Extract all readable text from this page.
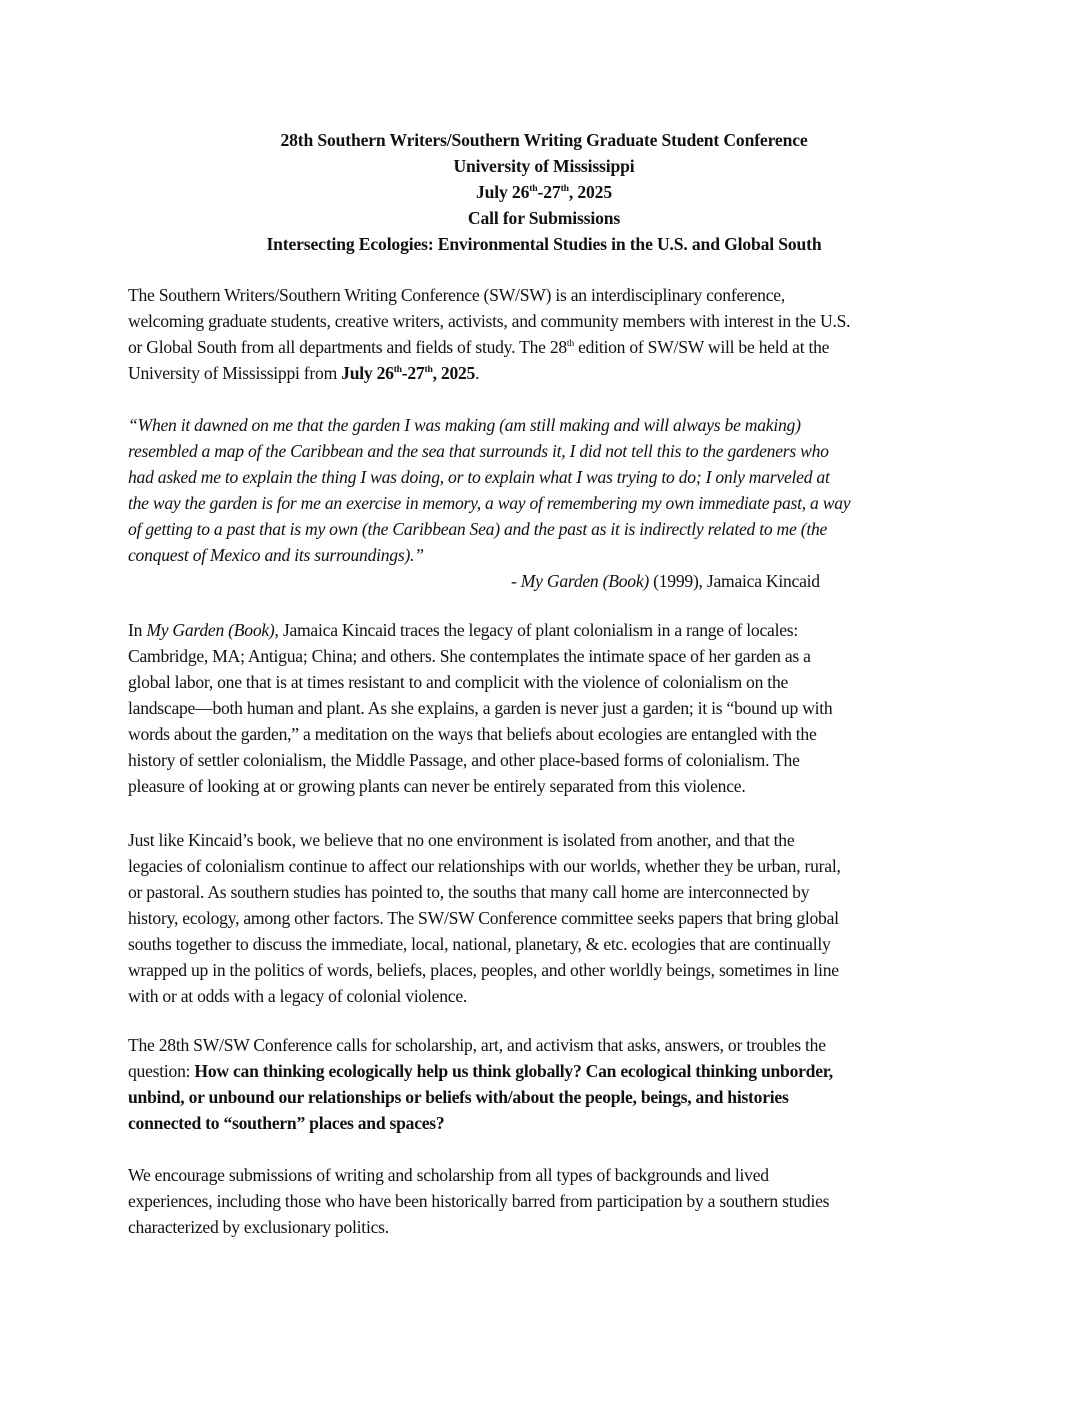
28th Southern Writers/Southern Writing Graduate Student Conference
University of Mississippi
July 26th-27th, 2025
Call for Submissions
Intersecting Ecologies: Environmental Studies in the U.S. and Global South
The Southern Writers/Southern Writing Conference (SW/SW) is an interdisciplinary conference,
welcoming graduate students, creative writers, activists, and community members with interest in the U.S.
or Global South from all departments and fields of study. The 28th edition of SW/SW will be held at the
University of Mississippi from July 26th-27th, 2025.
“When it dawned on me that the garden I was making (am still making and will always be making)
resembled a map of the Caribbean and the sea that surrounds it, I did not tell this to the gardeners who
had asked me to explain the thing I was doing, or to explain what I was trying to do; I only marveled at
the way the garden is for me an exercise in memory, a way of remembering my own immediate past, a way
of getting to a past that is my own (the Caribbean Sea) and the past as it is indirectly related to me (the
conquest of Mexico and its surroundings).”
- My Garden (Book) (1999), Jamaica Kincaid
In My Garden (Book), Jamaica Kincaid traces the legacy of plant colonialism in a range of locales:
Cambridge, MA; Antigua; China; and others. She contemplates the intimate space of her garden as a
global labor, one that is at times resistant to and complicit with the violence of colonialism on the
landscape—both human and plant. As she explains, a garden is never just a garden; it is “bound up with
words about the garden,” a meditation on the ways that beliefs about ecologies are entangled with the
history of settler colonialism, the Middle Passage, and other place-based forms of colonialism. The
pleasure of looking at or growing plants can never be entirely separated from this violence.
Just like Kincaid’s book, we believe that no one environment is isolated from another, and that the
legacies of colonialism continue to affect our relationships with our worlds, whether they be urban, rural,
or pastoral. As southern studies has pointed to, the souths that many call home are interconnected by
history, ecology, among other factors. The SW/SW Conference committee seeks papers that bring global
souths together to discuss the immediate, local, national, planetary, & etc. ecologies that are continually
wrapped up in the politics of words, beliefs, places, peoples, and other worldly beings, sometimes in line
with or at odds with a legacy of colonial violence.
The 28th SW/SW Conference calls for scholarship, art, and activism that asks, answers, or troubles the
question: How can thinking ecologically help us think globally? Can ecological thinking unborder,
unbind, or unbound our relationships or beliefs with/about the people, beings, and histories
connected to “southern” places and spaces?
We encourage submissions of writing and scholarship from all types of backgrounds and lived
experiences, including those who have been historically barred from participation by a southern studies
characterized by exclusionary politics.
